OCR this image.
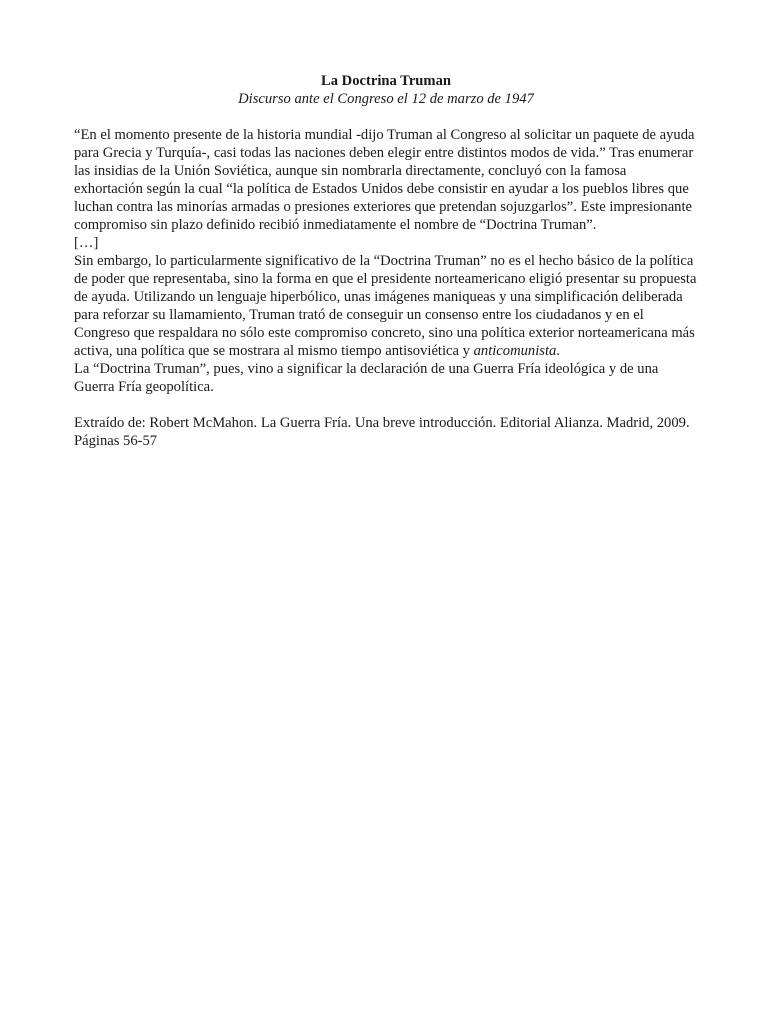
La Doctrina Truman

Discurso ante el Congreso el 12 de marzo de 1947

“En el momento presente de la historia mundial -dijo Truman al Congreso al solicitar un paquete de ayuda para Grecia y Turquía-, casi todas las naciones deben elegir entre distintos modos de vida.” Tras enumerar las insidias de la Unión Soviética, aunque sin nombrarla directamente, concluyó con la famosa exhortación según la cual “la política de Estados Unidos debe consistir en ayudar a los pueblos libres que luchan contra las minorías armadas o presiones exteriores que pretendan sojuzgarlos”. Este impresionante compromiso sin plazo definido recibió inmediatamente el nombre de “Doctrina Truman”.

[…]

Sin embargo, lo particularmente significativo de la “Doctrina Truman” no es el hecho básico de la política de poder que representaba, sino la forma en que el presidente norteamericano eligió presentar su propuesta de ayuda. Utilizando un lenguaje hiperbólico, unas imágenes maniqueas y una simplificación deliberada para reforzar su llamamiento, Truman trató de conseguir un consenso entre los ciudadanos y en el Congreso que respaldara no sólo este compromiso concreto, sino una política exterior norteamericana más activa, una política que se mostrara al mismo tiempo antisoviética y anticomunista.

La “Doctrina Truman”, pues, vino a significar la declaración de una Guerra Fría ideológica y de una Guerra Fría geopolítica.

Extraído de: Robert McMahon. La Guerra Fría. Una breve introducción. Editorial Alianza. Madrid, 2009. Páginas 56-57
